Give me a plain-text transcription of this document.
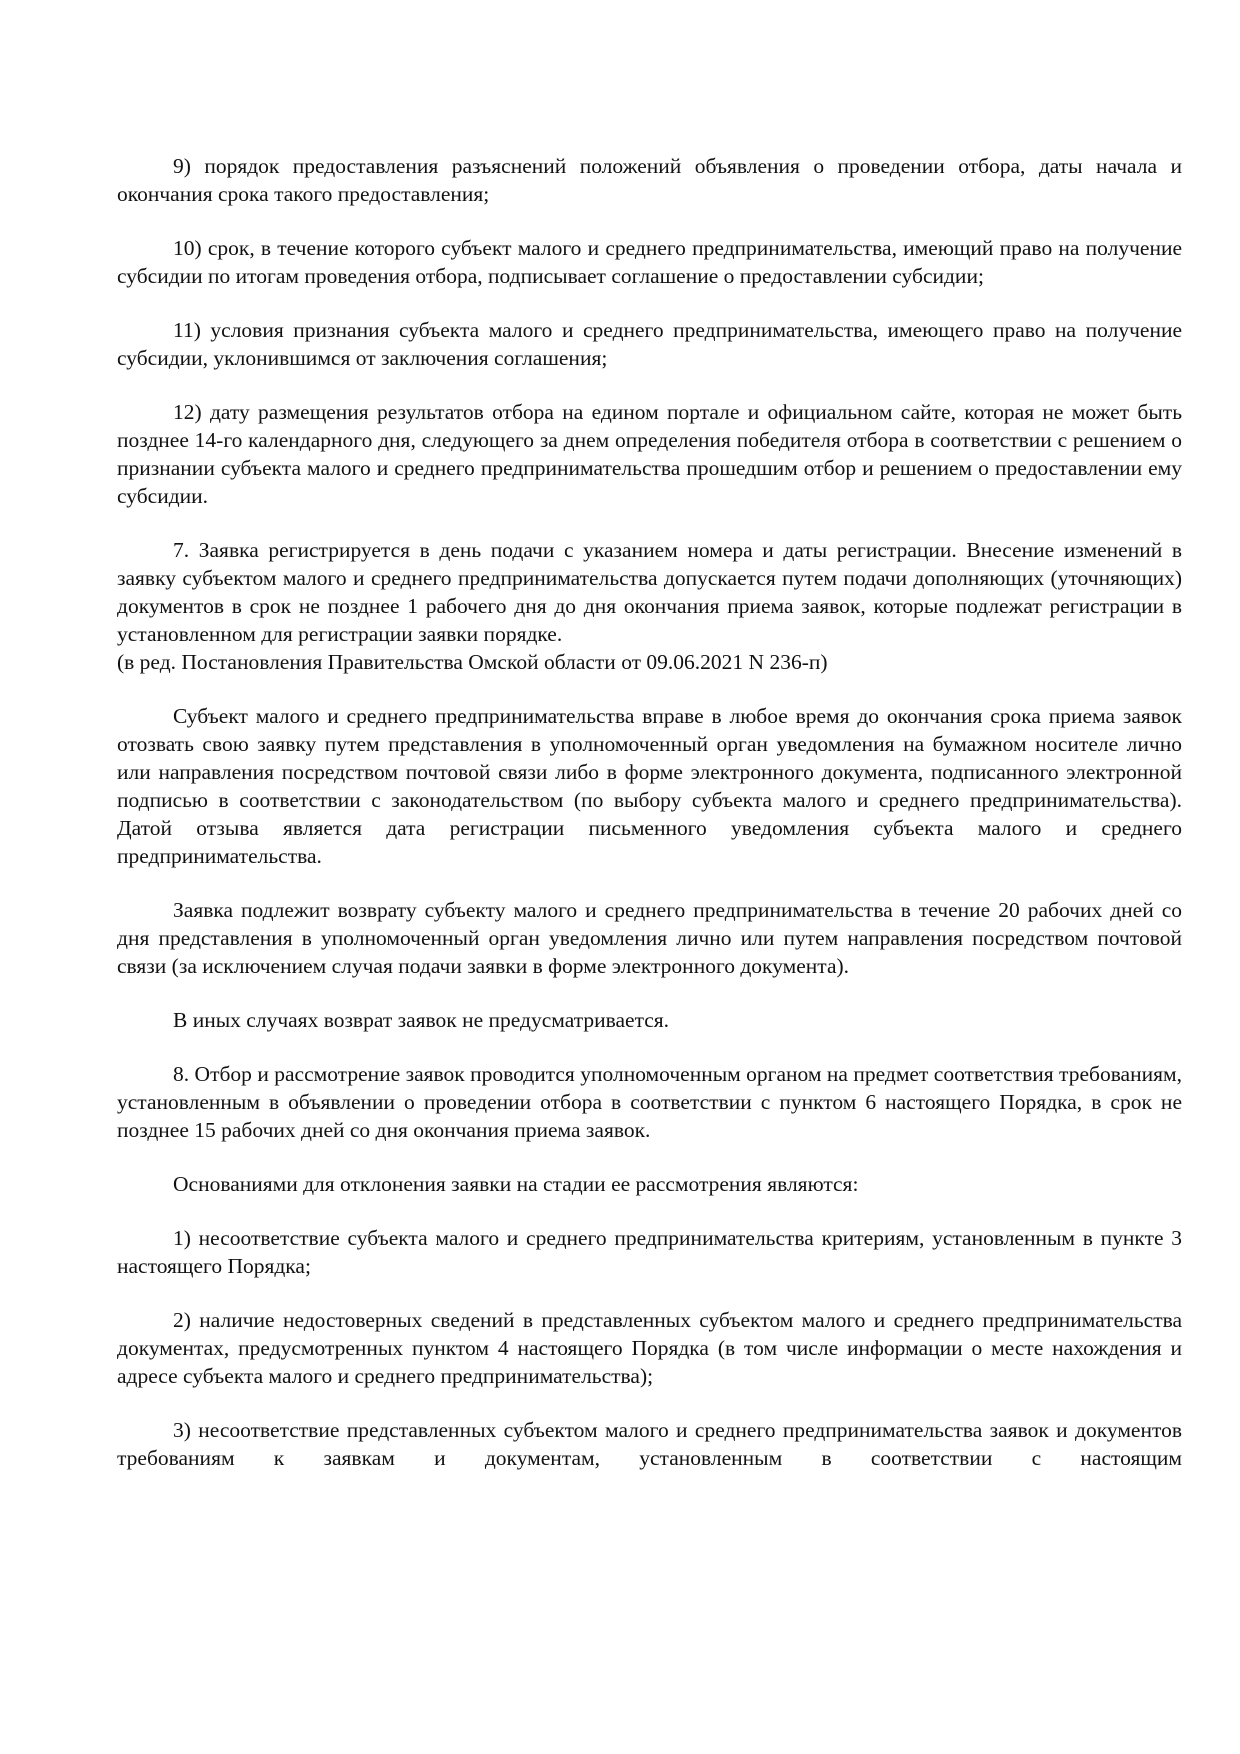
9) порядок предоставления разъяснений положений объявления о проведении отбора, даты начала и окончания срока такого предоставления;

10) срок, в течение которого субъект малого и среднего предпринимательства, имеющий право на получение субсидии по итогам проведения отбора, подписывает соглашение о предоставлении субсидии;

11) условия признания субъекта малого и среднего предпринимательства, имеющего право на получение субсидии, уклонившимся от заключения соглашения;

12) дату размещения результатов отбора на едином портале и официальном сайте, которая не может быть позднее 14-го календарного дня, следующего за днем определения победителя отбора в соответствии с решением о признании субъекта малого и среднего предпринимательства прошедшим отбор и решением о предоставлении ему субсидии.

7. Заявка регистрируется в день подачи с указанием номера и даты регистрации. Внесение изменений в заявку субъектом малого и среднего предпринимательства допускается путем подачи дополняющих (уточняющих) документов в срок не позднее 1 рабочего дня до дня окончания приема заявок, которые подлежат регистрации в установленном для регистрации заявки порядке.

(в ред. Постановления Правительства Омской области от 09.06.2021 N 236-п)

Субъект малого и среднего предпринимательства вправе в любое время до окончания срока приема заявок отозвать свою заявку путем представления в уполномоченный орган уведомления на бумажном носителе лично или направления посредством почтовой связи либо в форме электронного документа, подписанного электронной подписью в соответствии с законодательством (по выбору субъекта малого и среднего предпринимательства). Датой отзыва является дата регистрации письменного уведомления субъекта малого и среднего предпринимательства.

Заявка подлежит возврату субъекту малого и среднего предпринимательства в течение 20 рабочих дней со дня представления в уполномоченный орган уведомления лично или путем направления посредством почтовой связи (за исключением случая подачи заявки в форме электронного документа).

В иных случаях возврат заявок не предусматривается.

8. Отбор и рассмотрение заявок проводится уполномоченным органом на предмет соответствия требованиям, установленным в объявлении о проведении отбора в соответствии с пунктом 6 настоящего Порядка, в срок не позднее 15 рабочих дней со дня окончания приема заявок.

Основаниями для отклонения заявки на стадии ее рассмотрения являются:

1) несоответствие субъекта малого и среднего предпринимательства критериям, установленным в пункте 3 настоящего Порядка;

2) наличие недостоверных сведений в представленных субъектом малого и среднего предпринимательства документах, предусмотренных пунктом 4 настоящего Порядка (в том числе информации о месте нахождения и адресе субъекта малого и среднего предпринимательства);

3) несоответствие представленных субъектом малого и среднего предпринимательства заявок и документов требованиям к заявкам и документам, установленным в соответствии с настоящим
